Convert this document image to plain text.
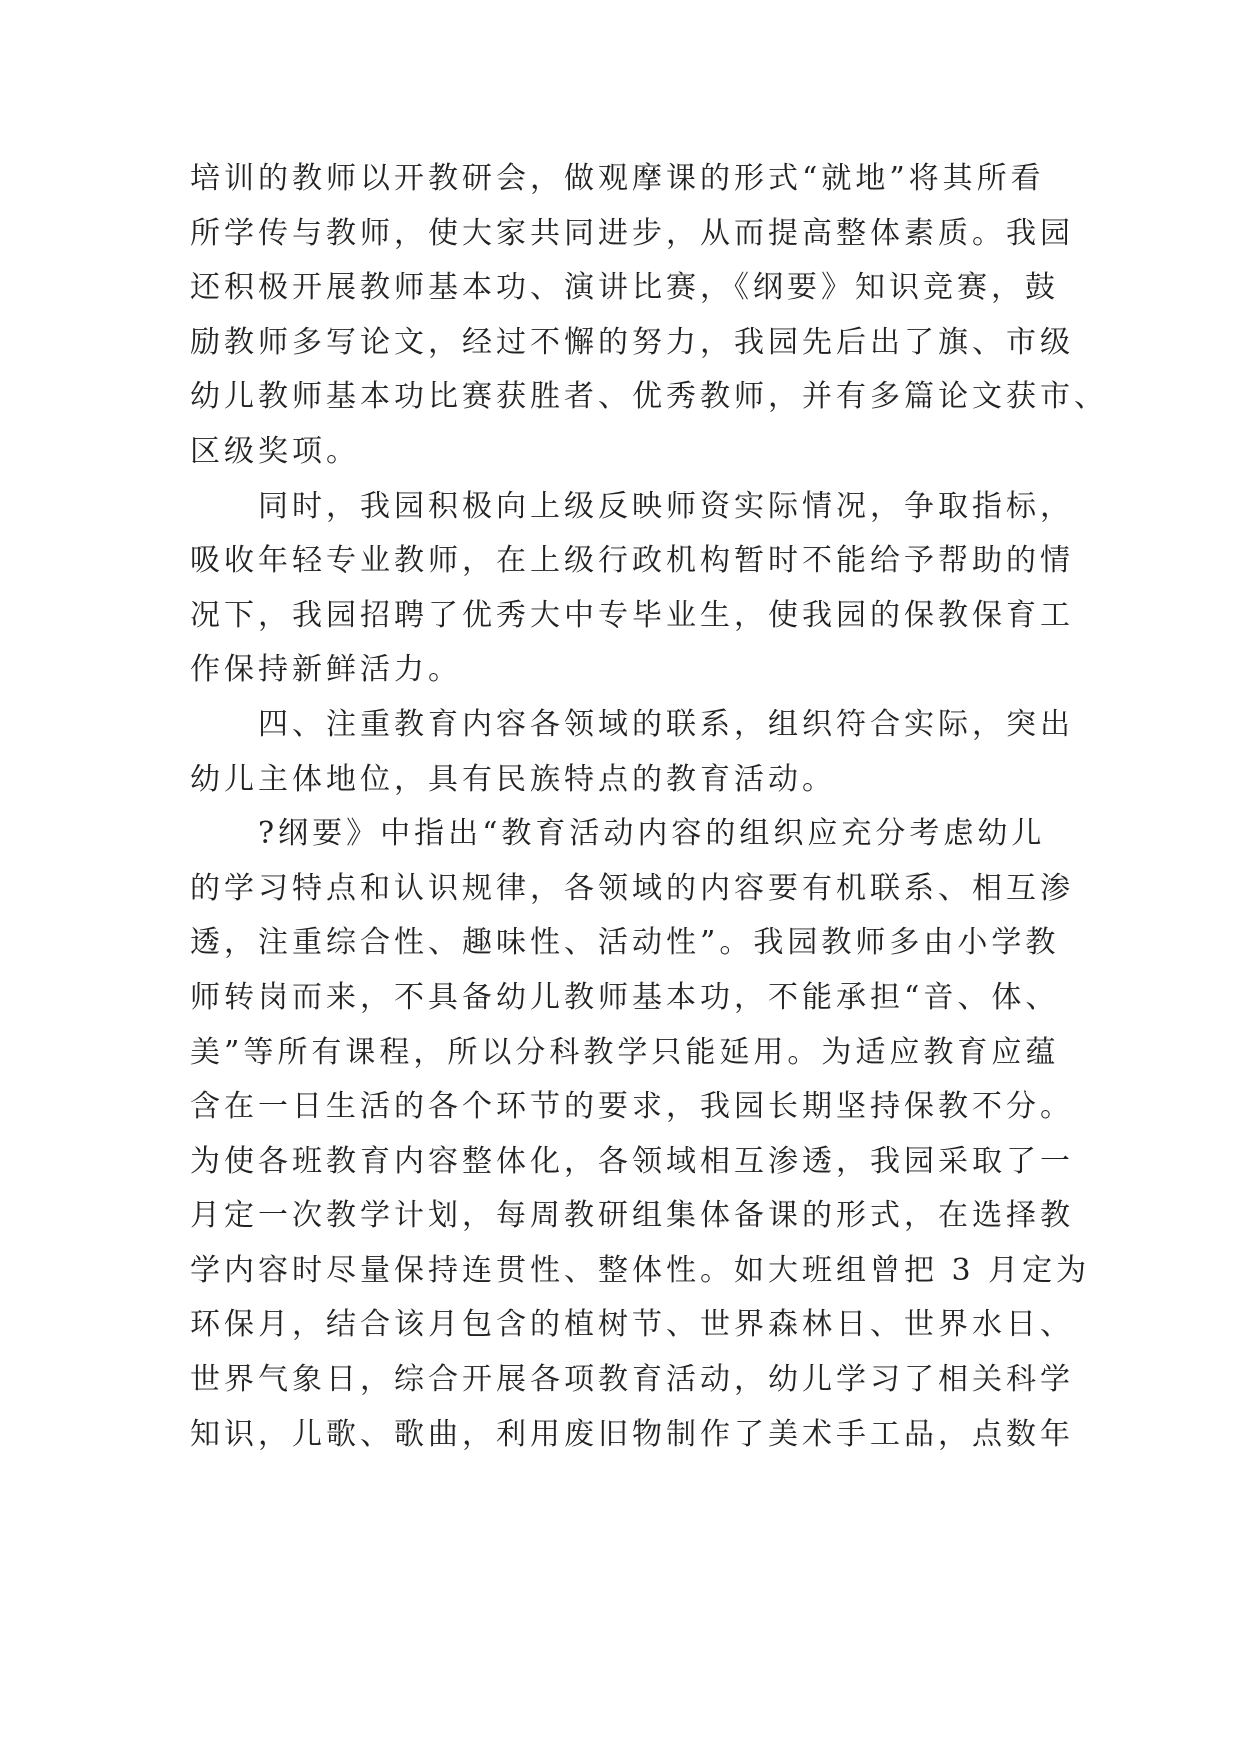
培训的教师以开教研会，做观摩课的形式“就地”将其所看

所学传与教师，使大家共同进步，从而提高整体素质。我园

还积极开展教师基本功、演讲比赛，《纲要》知识竞赛，鼓

励教师多写论文，经过不懈的努力，我园先后出了旗、市级

幼儿教师基本功比赛获胜者、优秀教师，并有多篇论文获市、

区级奖项。

同时，我园积极向上级反映师资实际情况，争取指标，

吸收年轻专业教师，在上级行政机构暂时不能给予帮助的情

况下，我园招聘了优秀大中专毕业生，使我园的保教保育工

作保持新鲜活力。

四、注重教育内容各领域的联系，组织符合实际，突出

幼儿主体地位，具有民族特点的教育活动。

?纲要》中指出“教育活动内容的组织应充分考虑幼儿

的学习特点和认识规律，各领域的内容要有机联系、相互渗

透，注重综合性、趣味性、活动性”。我园教师多由小学教

师转岗而来，不具备幼儿教师基本功，不能承担“音、体、

美”等所有课程，所以分科教学只能延用。为适应教育应蕴

含在一日生活的各个环节的要求，我园长期坚持保教不分。

为使各班教育内容整体化，各领域相互渗透，我园采取了一

月定一次教学计划，每周教研组集体备课的形式，在选择教

学内容时尽量保持连贯性、整体性。如大班组曾把 3 月定为

环保月，结合该月包含的植树节、世界森林日、世界水日、

世界气象日，综合开展各项教育活动，幼儿学习了相关科学

知识，儿歌、歌曲，利用废旧物制作了美术手工品，点数年
